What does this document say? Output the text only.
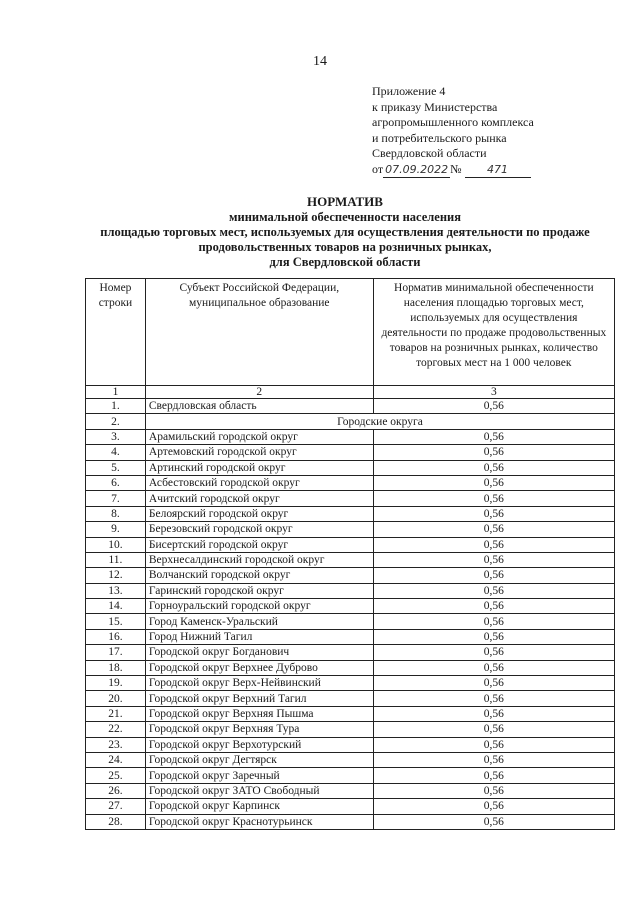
14
Приложение 4
к приказу Министерства
агропромышленного комплекса
и потребительского рынка
Свердловской области
от 07.09.2022 № 471
НОРМАТИВ
минимальной обеспеченности населения
площадью торговых мест, используемых для осуществления деятельности по продаже
продовольственных товаров на розничных рынках,
для Свердловской области
Номер строки	Субъект Российской Федерации, муниципальное образование	Норматив минимальной обеспеченности населения площадью торговых мест, используемых для осуществления деятельности по продаже продовольственных товаров на розничных рынках, количество торговых мест на 1 000 человек
1	2	3
1.	Свердловская область	0,56
2.	Городские округа	
3.	Арамильский городской округ	0,56
4.	Артемовский городской округ	0,56
5.	Артинский городской округ	0,56
6.	Асбестовский городской округ	0,56
7.	Ачитский городской округ	0,56
8.	Белоярский городской округ	0,56
9.	Березовский городской округ	0,56
10.	Бисертский городской округ	0,56
11.	Верхнесалдинский городской округ	0,56
12.	Волчанский городской округ	0,56
13.	Гаринский городской округ	0,56
14.	Горноуральский городской округ	0,56
15.	Город Каменск-Уральский	0,56
16.	Город Нижний Тагил	0,56
17.	Городской округ Богданович	0,56
18.	Городской округ Верхнее Дуброво	0,56
19.	Городской округ Верх-Нейвинский	0,56
20.	Городской округ Верхний Тагил	0,56
21.	Городской округ Верхняя Пышма	0,56
22.	Городской округ Верхняя Тура	0,56
23.	Городской округ Верхотурский	0,56
24.	Городской округ Дегтярск	0,56
25.	Городской округ Заречный	0,56
26.	Городской округ ЗАТО Свободный	0,56
27.	Городской округ Карпинск	0,56
28.	Городской округ Краснотурьинск	0,56
